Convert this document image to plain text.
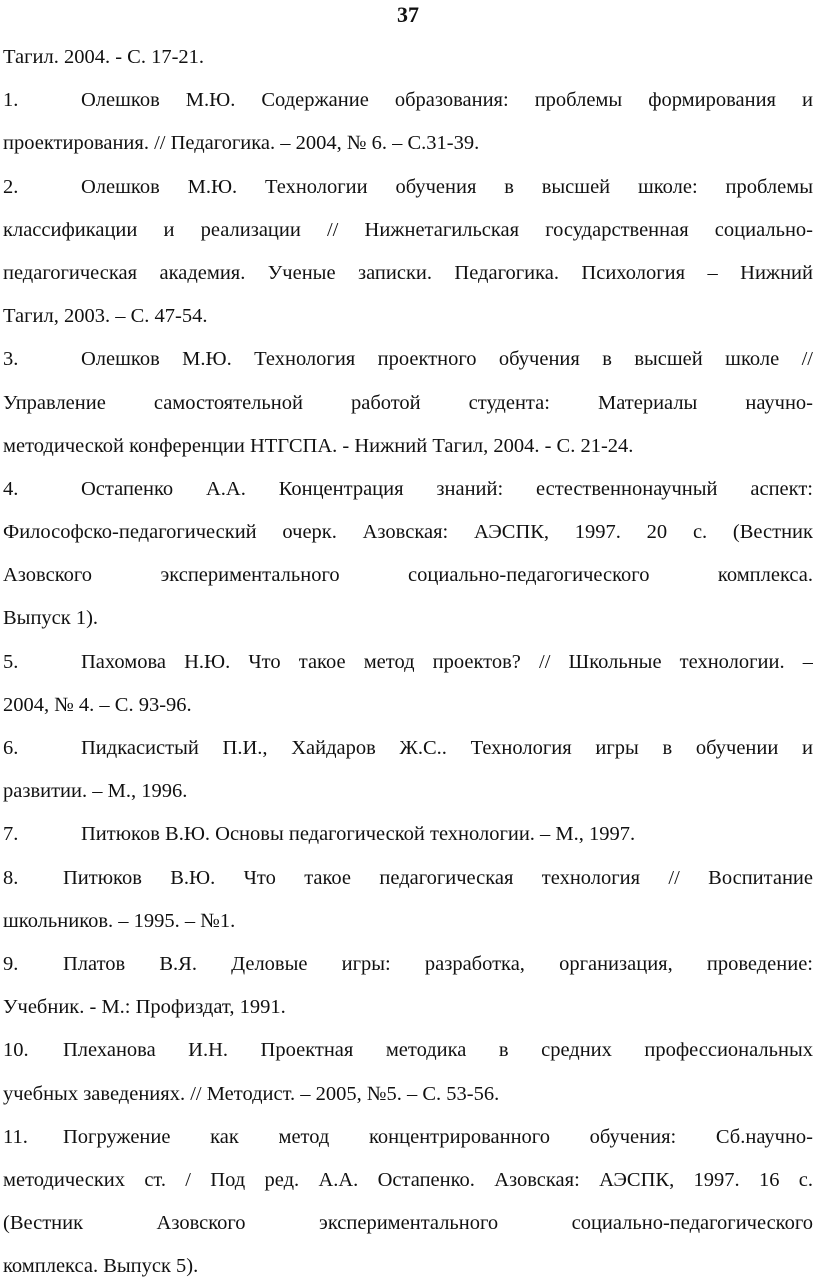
37
Тагил. 2004. - С. 17-21.
1.	Олешков М.Ю. Содержание образования: проблемы формирования и
проектирования. // Педагогика. – 2004, № 6. – С.31-39.
2.	Олешков М.Ю. Технологии обучения в высшей школе: проблемы
классификации и реализации // Нижнетагильская государственная социально-
педагогическая академия. Ученые записки. Педагогика. Психология – Нижний
Тагил, 2003. – С. 47-54.
3.	Олешков М.Ю. Технология проектного обучения в высшей школе //
Управление самостоятельной работой студента: Материалы научно-
методической конференции НТГСПА. - Нижний Тагил, 2004. - С. 21-24.
4.	Остапенко А.А. Концентрация знаний: естественнонаучный аспект:
Философско-педагогический очерк. Азовская: АЭСПК, 1997. 20 с. (Вестник
Азовского экспериментального социально-педагогического комплекса.
Выпуск 1).
5.	Пахомова Н.Ю. Что такое метод проектов? // Школьные технологии. –
2004, № 4. – С. 93-96.
6.	Пидкасистый П.И., Хайдаров Ж.С.. Технология игры в обучении и
развитии. – М., 1996.
7.	Питюков В.Ю. Основы педагогической технологии. – М., 1997.
8. Питюков В.Ю. Что такое педагогическая технология // Воспитание
школьников. – 1995. – №1.
9. Платов В.Я. Деловые игры: разработка, организация, проведение:
Учебник. - М.: Профиздат, 1991.
10. Плеханова И.Н. Проектная методика в средних профессиональных
учебных заведениях. // Методист. – 2005, №5. – С. 53-56.
11. Погружение как метод концентрированного обучения: Сб.научно-
методических ст. / Под ред. А.А. Остапенко. Азовская: АЭСПК, 1997. 16 с.
(Вестник Азовского экспериментального социально-педагогического
комплекса. Выпуск 5).
